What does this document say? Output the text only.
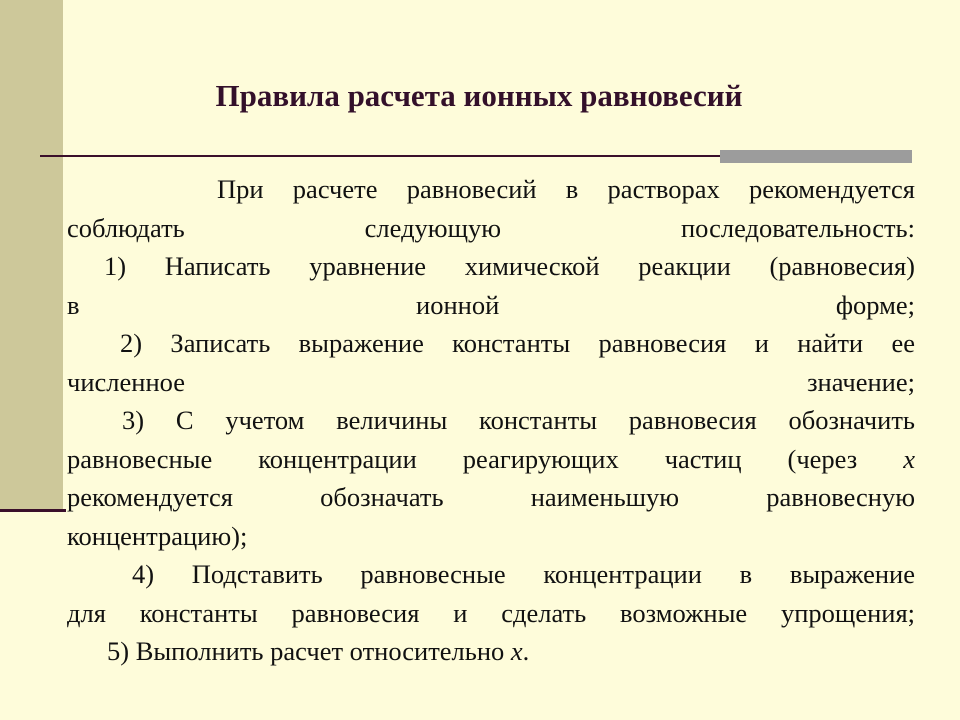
Правила расчета ионных равновесий
При расчете равновесий в растворах рекомендуется
соблюдать следующую последовательность:
1) Написать уравнение химической реакции (равновесия)
в ионной форме;
2) Записать выражение константы равновесия и найти ее
численное значение;
3) С учетом величины константы равновесия обозначить
равновесные концентрации реагирующих частиц (через x
рекомендуется обозначать наименьшую равновесную
концентрацию);
4) Подставить равновесные концентрации в выражение
для константы равновесия и сделать возможные упрощения;
5) Выполнить расчет относительно x.
